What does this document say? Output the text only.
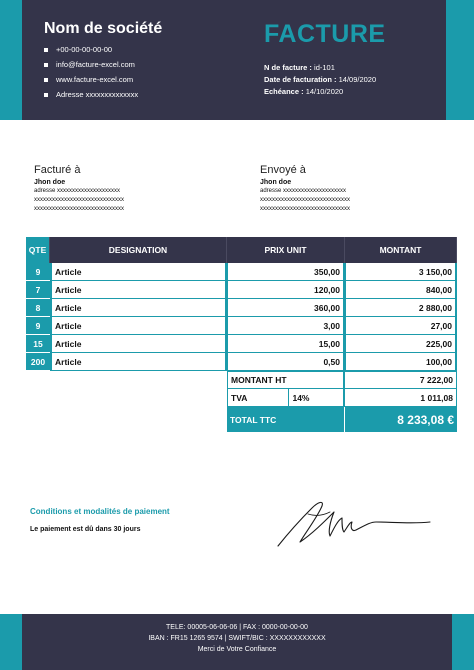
Nom de société
+00-00-00-00-00
info@facture-excel.com
www.facture-excel.com
Adresse xxxxxxxxxxxxxx
FACTURE
N de facture : id-101
Date de facturation : 14/09/2020
Echéance : 14/10/2020
Facturé à
Jhon doe
adresse xxxxxxxxxxxxxxxxxxxxx
xxxxxxxxxxxxxxxxxxxxxxxxxxxxxx
xxxxxxxxxxxxxxxxxxxxxxxxxxxxxx
Envoyé à
Jhon doe
adresse xxxxxxxxxxxxxxxxxxxxx
xxxxxxxxxxxxxxxxxxxxxxxxxxxxxx
xxxxxxxxxxxxxxxxxxxxxxxxxxxxxx
QTE	DESIGNATION	PRIX UNIT	MONTANT
9	Article	350,00	3 150,00
7	Article	120,00	840,00
8	Article	360,00	2 880,00
9	Article	3,00	27,00
15	Article	15,00	225,00
200	Article	0,50	100,00
MONTANT HT	7 222,00
TVA	14%	1 011,08
TOTAL TTC	8 233,08 €
Conditions et modalités de paiement
Le paiement est dû dans 30 jours
TELE: 00005-06-06-06 | FAX : 0000-00-00-00
IBAN : FR15 1265 9574 | SWIFT/BIC : XXXXXXXXXXXX
Merci de Votre Confiance
